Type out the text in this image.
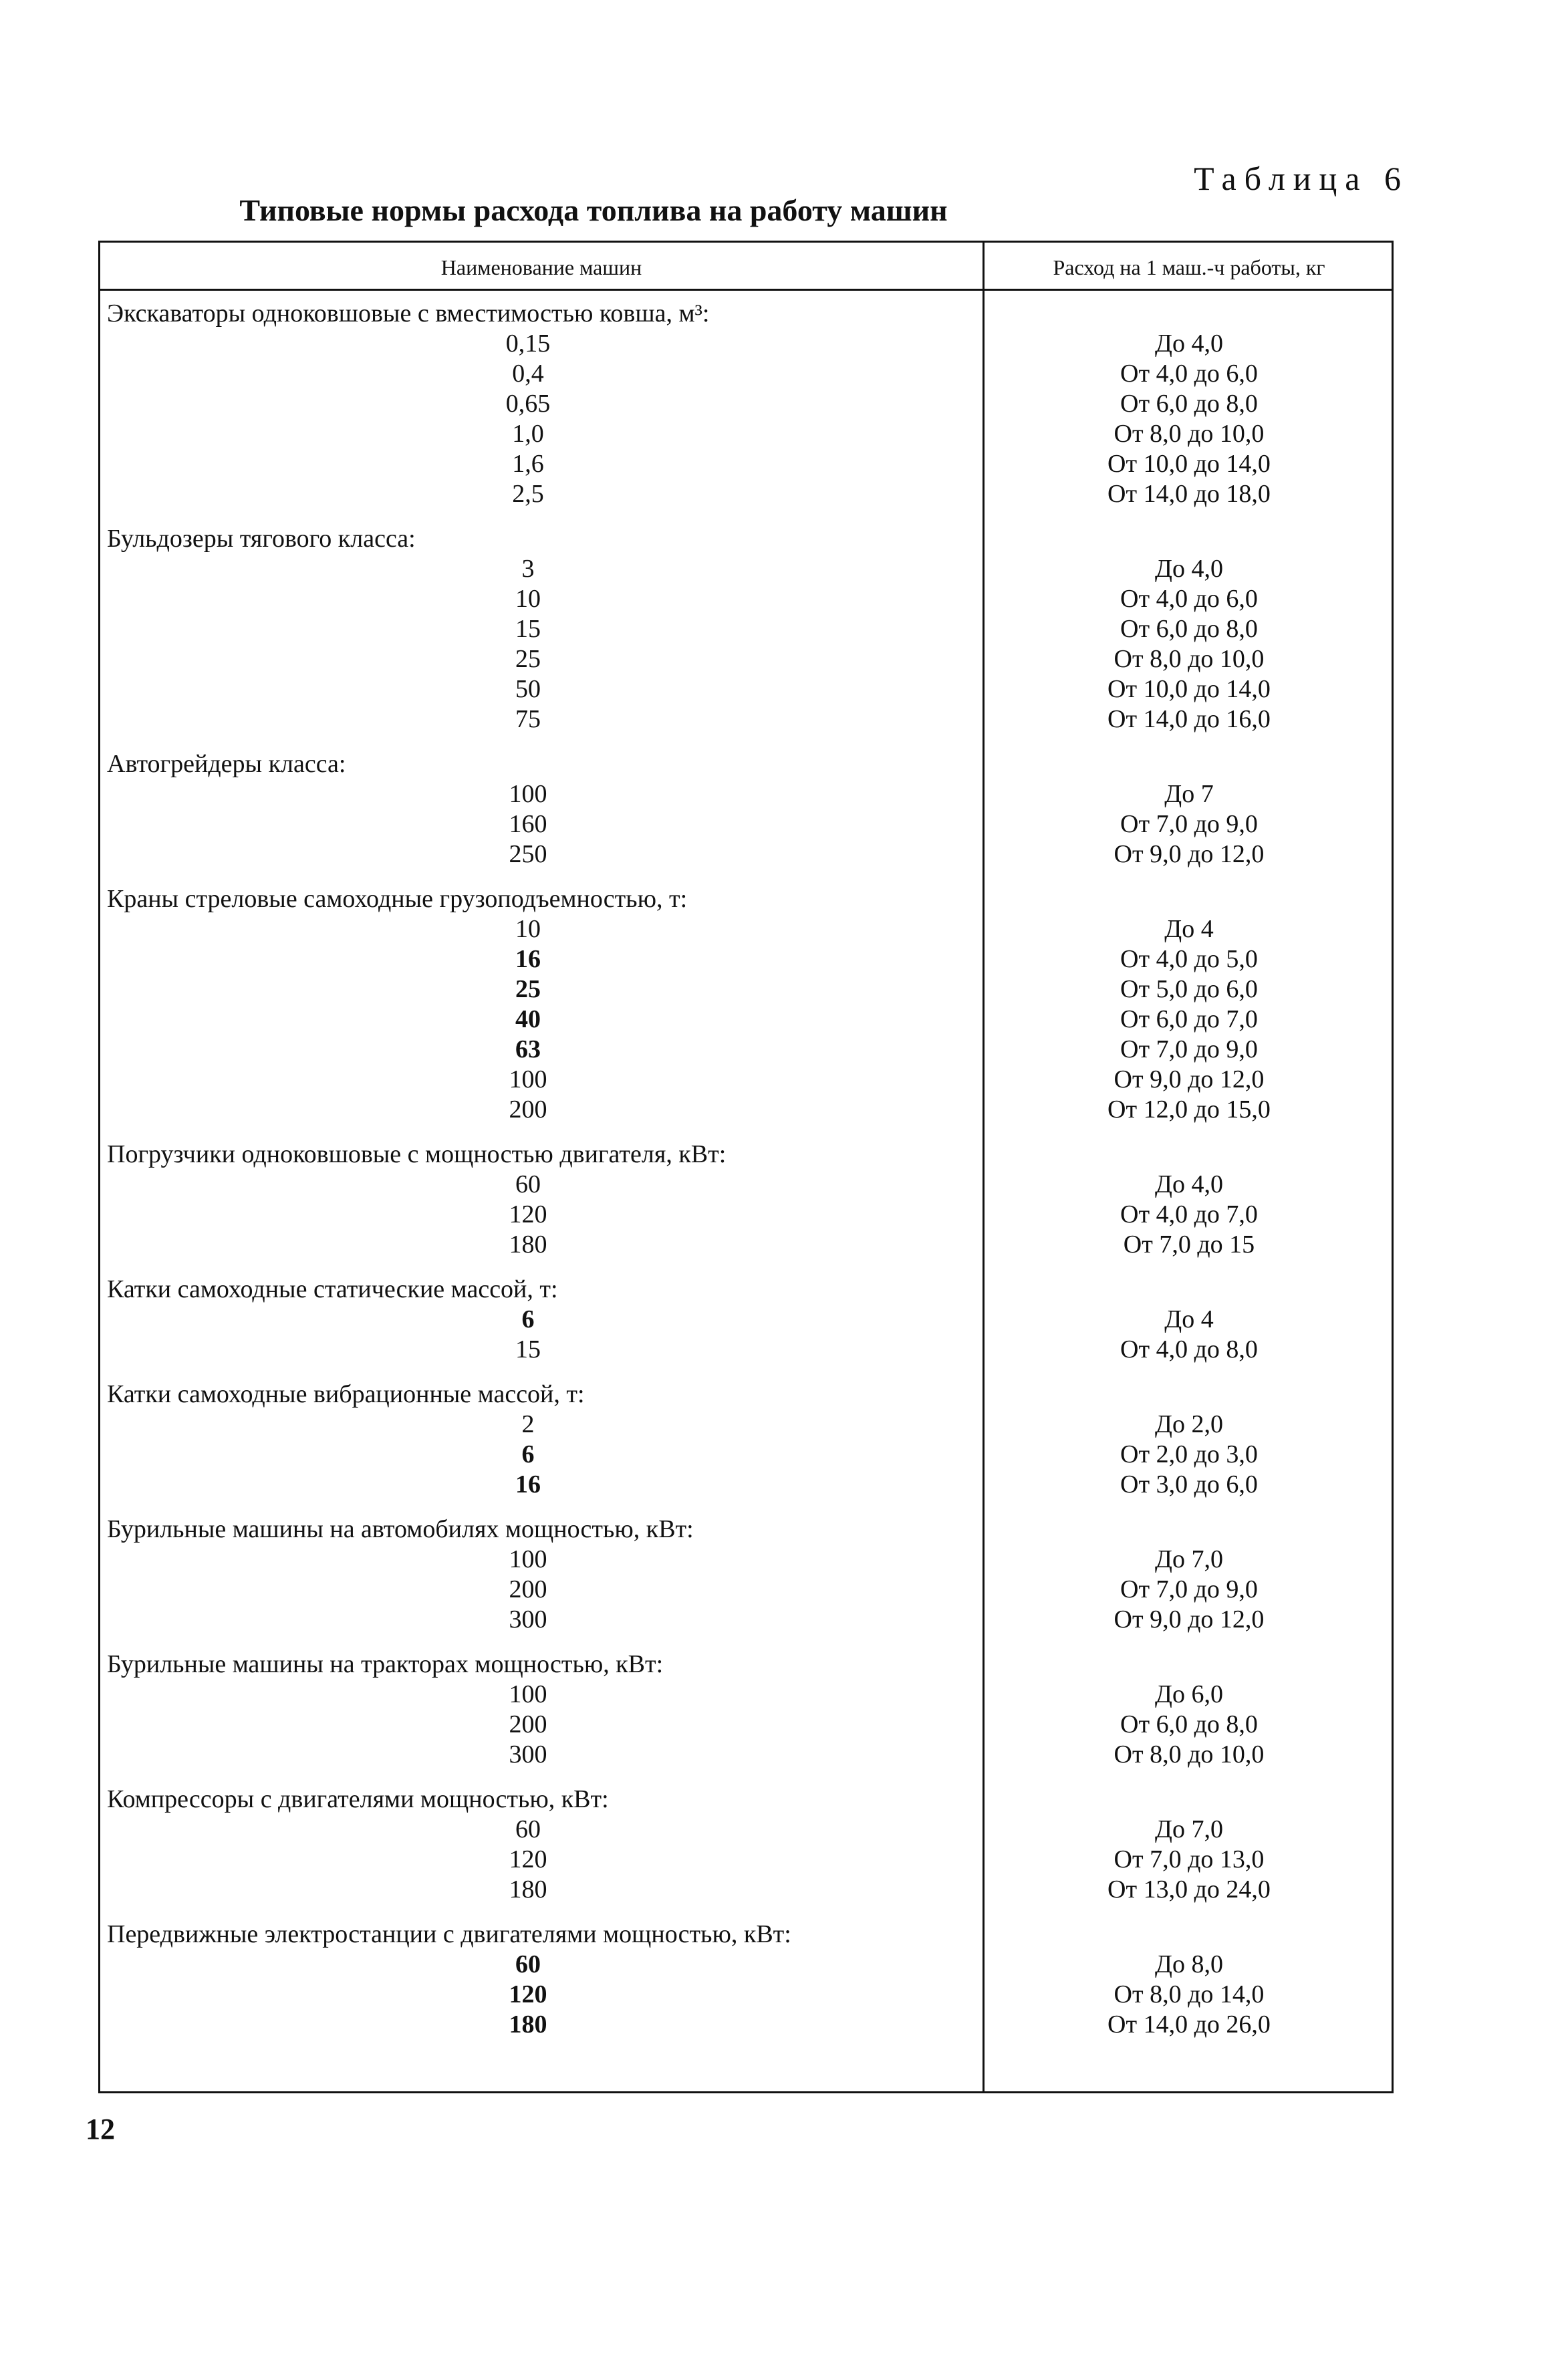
Таблица 6
Типовые нормы расхода топлива на работу машин
Наименование машин	Расход на 1 маш.-ч работы, кг
Экскаваторы одноковшовые с вместимостью ковша, м³:
0,15	До 4,0
0,4	От 4,0 до 6,0
0,65	От 6,0 до 8,0
1,0	От 8,0 до 10,0
1,6	От 10,0 до 14,0
2,5	От 14,0 до 18,0
Бульдозеры тягового класса:
3	До 4,0
10	От 4,0 до 6,0
15	От 6,0 до 8,0
25	От 8,0 до 10,0
50	От 10,0 до 14,0
75	От 14,0 до 16,0
Автогрейдеры класса:
100	До 7
160	От 7,0 до 9,0
250	От 9,0 до 12,0
Краны стреловые самоходные грузоподъемностью, т:
10	До 4
16	От 4,0 до 5,0
25	От 5,0 до 6,0
40	От 6,0 до 7,0
63	От 7,0 до 9,0
100	От 9,0 до 12,0
200	От 12,0 до 15,0
Погрузчики одноковшовые с мощностью двигателя, кВт:
60	До 4,0
120	От 4,0 до 7,0
180	От 7,0 до 15
Катки самоходные статические массой, т:
6	До 4
15	От 4,0 до 8,0
Катки самоходные вибрационные массой, т:
2	До 2,0
6	От 2,0 до 3,0
16	От 3,0 до 6,0
Бурильные машины на автомобилях мощностью, кВт:
100	До 7,0
200	От 7,0 до 9,0
300	От 9,0 до 12,0
Бурильные машины на тракторах мощностью, кВт:
100	До 6,0
200	От 6,0 до 8,0
300	От 8,0 до 10,0
Компрессоры с двигателями мощностью, кВт:
60	До 7,0
120	От 7,0 до 13,0
180	От 13,0 до 24,0
Передвижные электростанции с двигателями мощностью, кВт:
60	До 8,0
120	От 8,0 до 14,0
180	От 14,0 до 26,0
12
